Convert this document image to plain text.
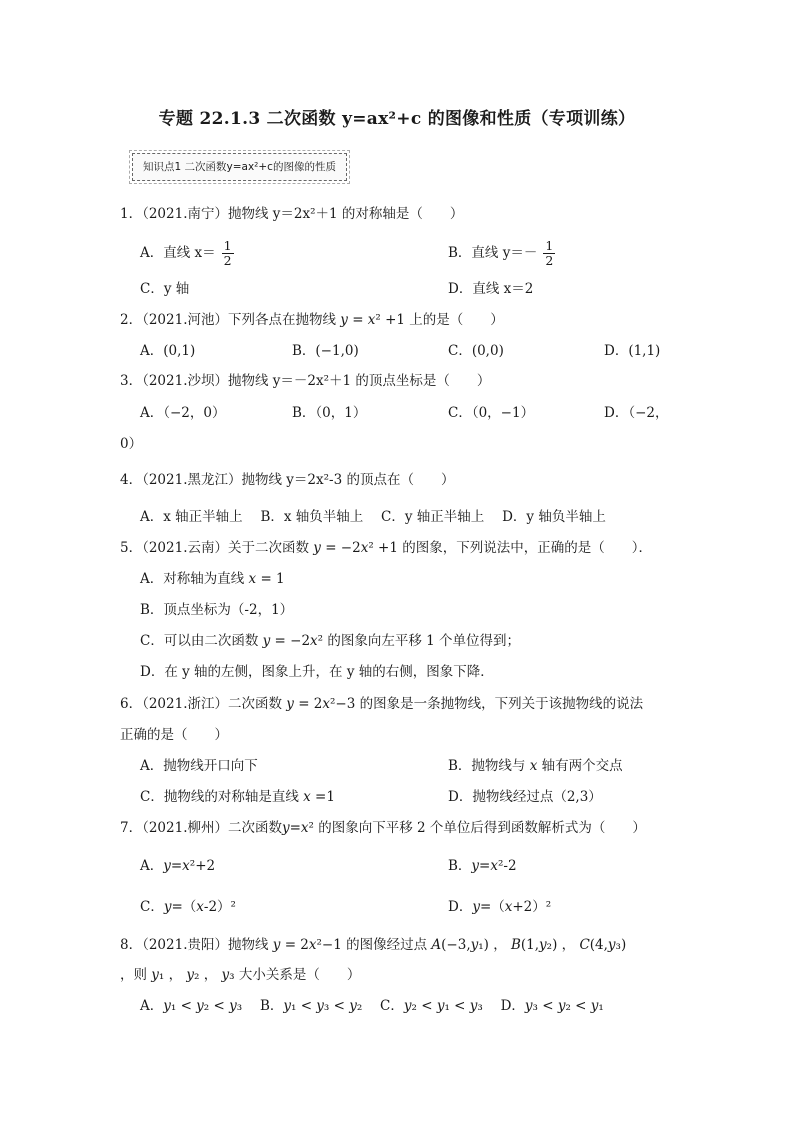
专题 22.1.3 二次函数 y=ax²+c 的图像和性质（专项训练）
知识点1 二次函数y=ax²+c的图像的性质
1．（2021.南宁）抛物线 y＝2x²＋1 的对称轴是（　　）
A．直线 $x= \frac{1}{2}$	B．直线 $y=- \frac{1}{2}$
C．y 轴	D．直线 x＝2
2．（2021.河池）下列各点在抛物线 𝑦 = 𝑥² +1 上的是（　　）
A．(0,1)	B．(−1,0)	C．(0,0)	D．(1,1)
3．（2021.沙坝）抛物线 y＝－2x²＋1 的顶点坐标是（　　）
A．（−2，0）	B．（0，1）	C．（0，−1）	D．（−2，
0）
4．（2021.黑龙江）抛物线 y＝2x²-3 的顶点在（　　）
A．x 轴正半轴上　 B．x 轴负半轴上　 C．y 轴正半轴上　 D．y 轴负半轴上
5．（2021.云南）关于二次函数 𝑦 = −2𝑥² +1 的图象，下列说法中，正确的是（　　）．
A．对称轴为直线 𝑥 = 1
B．顶点坐标为（-2，1）
C．可以由二次函数 𝑦 = −2𝑥² 的图象向左平移 1 个单位得到；
D．在 y 轴的左侧，图象上升，在 y 轴的右侧，图象下降．
6．（2021.浙江）二次函数 𝑦 = 2𝑥²−3 的图象是一条抛物线，下列关于该抛物线的说法
正确的是（　　）
A．抛物线开口向下	B．抛物线与 𝑥 轴有两个交点
C．抛物线的对称轴是直线 𝑥 =1	D．抛物线经过点（2,3）
7．（2021.柳州）二次函数𝑦=𝑥² 的图象向下平移 2 个单位后得到函数解析式为（　　）
A．𝑦=𝑥²+2	B．𝑦=𝑥²-2
C．𝑦=（𝑥-2）²	D．𝑦=（𝑥+2）²
8．（2021.贵阳）抛物线 𝑦 = 2𝑥²−1 的图像经过点 𝐴(−3,𝑦₁) ， 𝐵(1,𝑦₂) ， 𝐶(4,𝑦₃)
，则 𝑦₁ ， 𝑦₂ ， 𝑦₃ 大小关系是（　　）
A．𝑦₁ < 𝑦₂ < 𝑦₃　 B．𝑦₁ < 𝑦₃ < 𝑦₂　 C．𝑦₂ < 𝑦₁ < 𝑦₃　 D．𝑦₃ < 𝑦₂ < 𝑦₁
